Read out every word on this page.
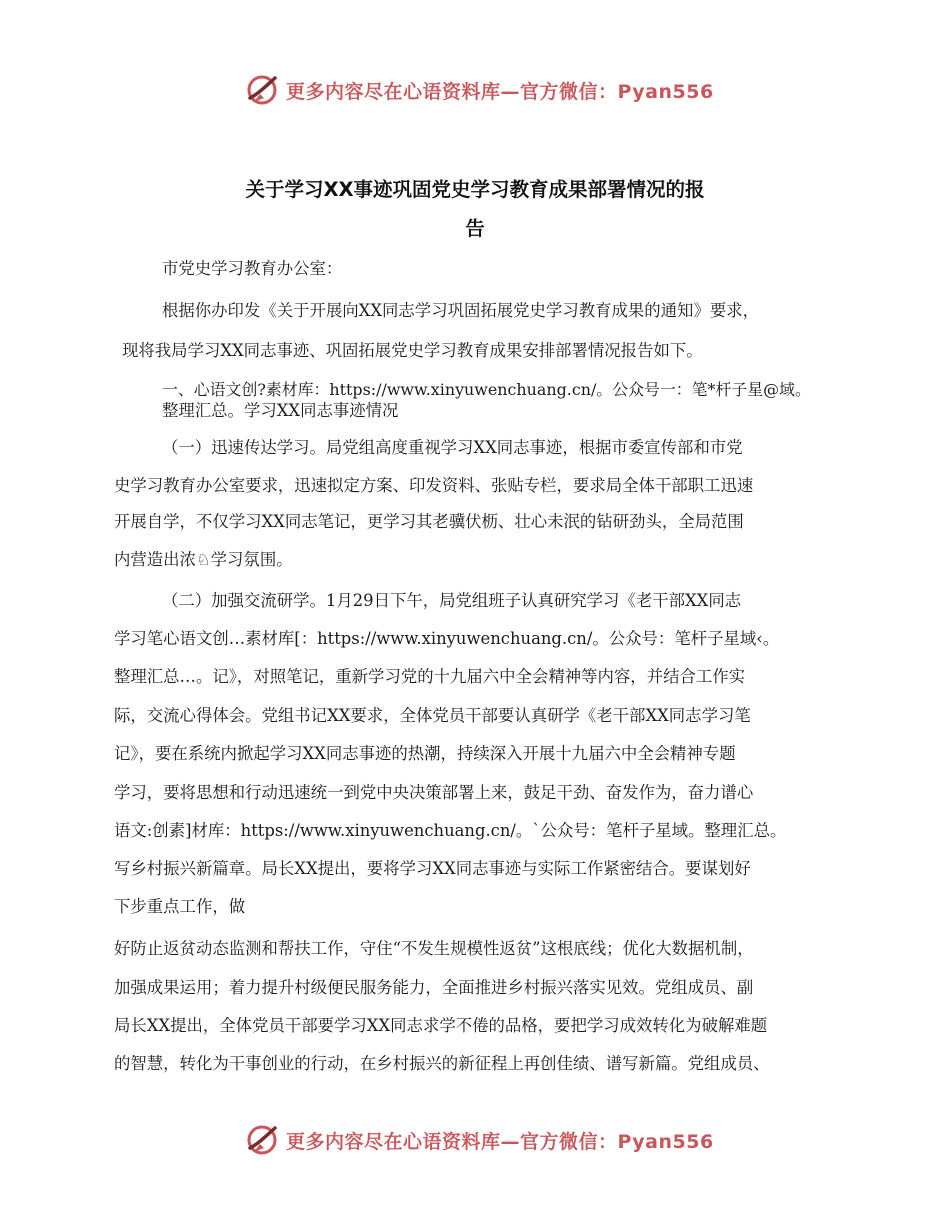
更多内容尽在心语资料库—官方微信：Pyan556
关于学习XX事迹巩固党史学习教育成果部署情况的报
告
市党史学习教育办公室：
根据你办印发《关于开展向XX同志学习巩固拓展党史学习教育成果的通知》要求，
现将我局学习XX同志事迹、巩固拓展党史学习教育成果安排部署情况报告如下。
一、心语文创?素材库：https://www.xinyuwenchuang.cn/。公众号一：笔*杆子星@域。
整理汇总。学习XX同志事迹情况
（一）迅速传达学习。局党组高度重视学习XX同志事迹，根据市委宣传部和市党
史学习教育办公室要求，迅速拟定方案、印发资料、张贴专栏，要求局全体干部职工迅速
开展自学，不仅学习XX同志笔记，更学习其老骥伏枥、壮心未泯的钻研劲头，全局范围
内营造出浓♘学习氛围。
（二）加强交流研学。1月29日下午，局党组班子认真研究学习《老干部XX同志
学习笔心语文创…素材库[：https://www.xinyuwenchuang.cn/。公众号：笔杆子星域‹。
整理汇总…。记》，对照笔记，重新学习党的十九届六中全会精神等内容，并结合工作实
际，交流心得体会。党组书记XX要求，全体党员干部要认真研学《老干部XX同志学习笔
记》，要在系统内掀起学习XX同志事迹的热潮，持续深入开展十九届六中全会精神专题
学习，要将思想和行动迅速统一到党中央决策部署上来，鼓足干劲、奋发作为，奋力谱心
语文:创素]材库：https://www.xinyuwenchuang.cn/。`公众号：笔杆子星域。整理汇总。
写乡村振兴新篇章。局长XX提出，要将学习XX同志事迹与实际工作紧密结合。要谋划好
下步重点工作，做
好防止返贫动态监测和帮扶工作，守住“不发生规模性返贫”这根底线；优化大数据机制，
加强成果运用；着力提升村级便民服务能力，全面推进乡村振兴落实见效。党组成员、副
局长XX提出，全体党员干部要学习XX同志求学不倦的品格，要把学习成效转化为破解难题
的智慧，转化为干事创业的行动，在乡村振兴的新征程上再创佳绩、谱写新篇。党组成员、
更多内容尽在心语资料库—官方微信：Pyan556
